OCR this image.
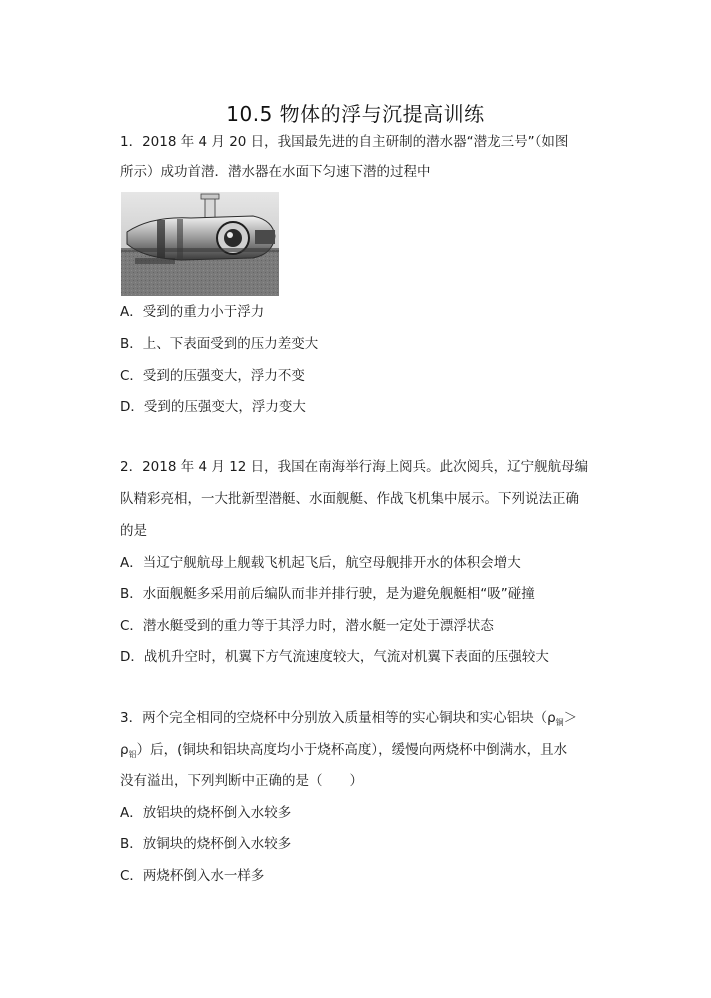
10.5 物体的浮与沉提高训练
1．2018 年 4 月 20 日，我国最先进的自主研制的潜水器“潜龙三号”（如图
所示）成功首潜．潜水器在水面下匀速下潜的过程中
A．受到的重力小于浮力
B．上、下表面受到的压力差变大
C．受到的压强变大，浮力不变
D．受到的压强变大，浮力变大
2．2018 年 4 月 12 日，我国在南海举行海上阅兵。此次阅兵，辽宁舰航母编
队精彩亮相，一大批新型潜艇、水面舰艇、作战飞机集中展示。下列说法正确
的是
A．当辽宁舰航母上舰载飞机起飞后，航空母舰排开水的体积会增大
B．水面舰艇多采用前后编队而非并排行驶，是为避免舰艇相“吸”碰撞
C．潜水艇受到的重力等于其浮力时，潜水艇一定处于漂浮状态
D．战机升空时，机翼下方气流速度较大，气流对机翼下表面的压强较大
3．两个完全相同的空烧杯中分别放入质量相等的实心铜块和实心铝块（$\rho_铜>$
$\rho_铝$）后，(铜块和铝块高度均小于烧杯高度），缓慢向两烧杯中倒满水，且水
没有溢出，下列判断中正确的是（　　）
A．放铝块的烧杯倒入水较多
B．放铜块的烧杯倒入水较多
C．两烧杯倒入水一样多
